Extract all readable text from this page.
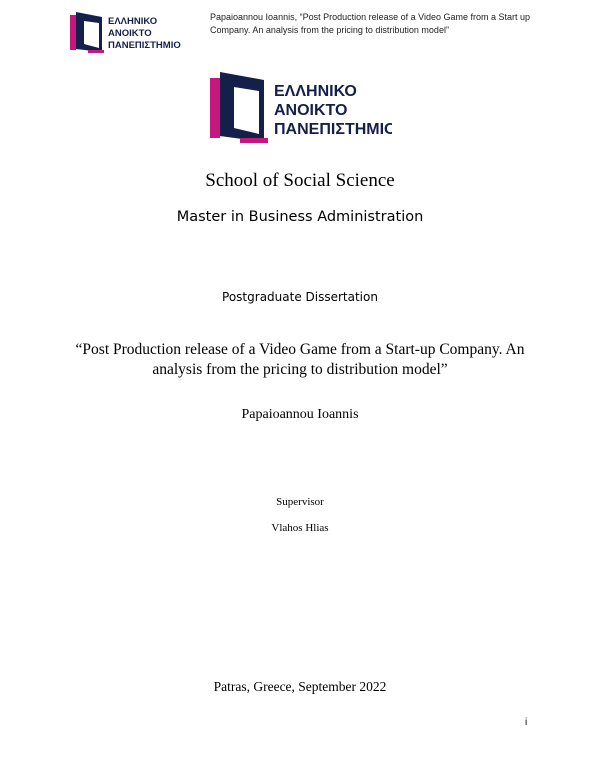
ΕΛΛΗΝΙΚΟ
ΑΝΟΙΚΤΟ
ΠΑΝΕΠΙΣΤΗΜΙΟ
Papaioannou Ioannis, “Post Production release of a Video Game from a Start up Company. An analysis from the pricing to distribution model”
ΕΛΛΗΝΙΚΟ
ΑΝΟΙΚΤΟ
ΠΑΝΕΠΙΣΤΗΜΙΟ
School of Social Science
Master in Business Administration
Postgraduate Dissertation
“Post Production release of a Video Game from a Start-up Company. An analysis from the pricing to distribution model”
Papaioannou Ioannis
Supervisor
Vlahos Hlias
Patras, Greece, September 2022
i
